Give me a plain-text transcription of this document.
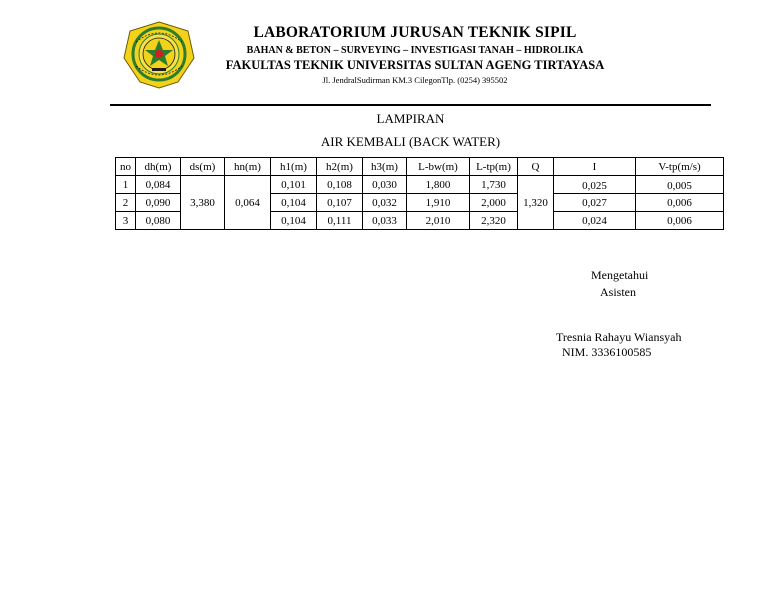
LABORATORIUM JURUSAN TEKNIK SIPIL
BAHAN & BETON – SURVEYING – INVESTIGASI TANAH – HIDROLIKA
FAKULTAS TEKNIK UNIVERSITAS SULTAN AGENG TIRTAYASA
Jl. JendralSudirman KM.3 CilegonTlp. (0254) 395502
LAMPIRAN
AIR KEMBALI (BACK WATER)
no	dh(m)	ds(m)	hn(m)	h1(m)	h2(m)	h3(m)	L-bw(m)	L-tp(m)	Q	I	V-tp(m/s)
1	0,084	3,380	0,064	0,101	0,108	0,030	1,800	1,730	1,320	0,025	0,005
2	0,090			0,104	0,107	0,032	1,910	2,000		0,027	0,006
3	0,080			0,104	0,111	0,033	2,010	2,320		0,024	0,006
Mengetahui
Asisten
Tresnia Rahayu Wiansyah
NIM. 3336100585
